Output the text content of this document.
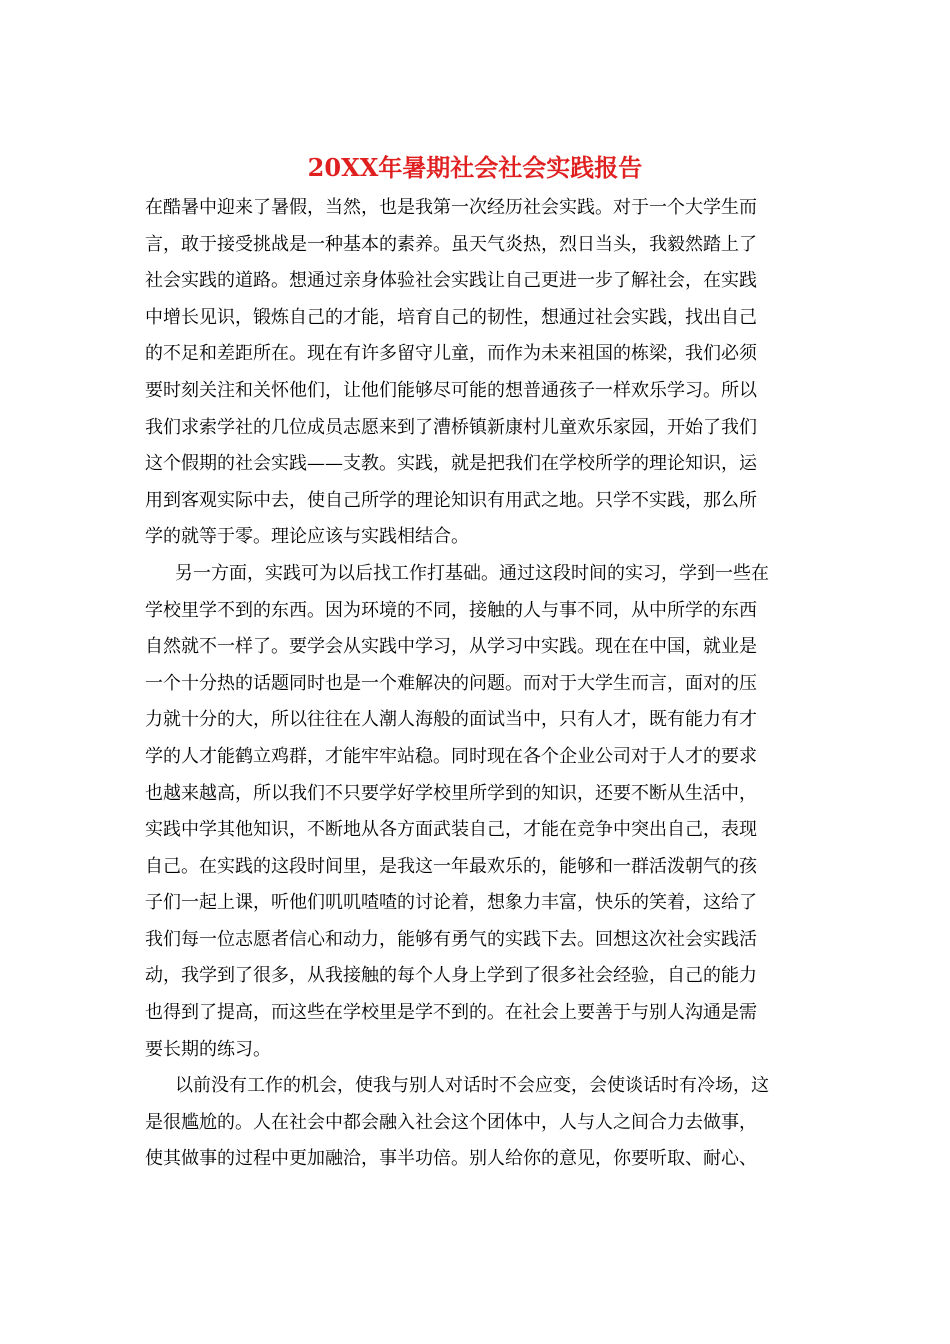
20XX年暑期社会社会实践报告

在酷暑中迎来了暑假，当然，也是我第一次经历社会实践。对于一个大学生而
言，敢于接受挑战是一种基本的素养。虽天气炎热，烈日当头，我毅然踏上了
社会实践的道路。想通过亲身体验社会实践让自己更进一步了解社会，在实践
中增长见识，锻炼自己的才能，培育自己的韧性，想通过社会实践，找出自己
的不足和差距所在。现在有许多留守儿童，而作为未来祖国的栋梁，我们必须
要时刻关注和关怀他们，让他们能够尽可能的想普通孩子一样欢乐学习。所以
我们求索学社的几位成员志愿来到了漕桥镇新康村儿童欢乐家园，开始了我们
这个假期的社会实践——支教。实践，就是把我们在学校所学的理论知识，运
用到客观实际中去，使自己所学的理论知识有用武之地。只学不实践，那么所
学的就等于零。理论应该与实践相结合。

另一方面，实践可为以后找工作打基础。通过这段时间的实习，学到一些在
学校里学不到的东西。因为环境的不同，接触的人与事不同，从中所学的东西
自然就不一样了。要学会从实践中学习，从学习中实践。现在在中国，就业是
一个十分热的话题同时也是一个难解决的问题。而对于大学生而言，面对的压
力就十分的大，所以往往在人潮人海般的面试当中，只有人才，既有能力有才
学的人才能鹤立鸡群，才能牢牢站稳。同时现在各个企业公司对于人才的要求
也越来越高，所以我们不只要学好学校里所学到的知识，还要不断从生活中，
实践中学其他知识，不断地从各方面武装自己，才能在竞争中突出自己，表现
自己。在实践的这段时间里，是我这一年最欢乐的，能够和一群活泼朝气的孩
子们一起上课，听他们叽叽喳喳的讨论着，想象力丰富，快乐的笑着，这给了
我们每一位志愿者信心和动力，能够有勇气的实践下去。回想这次社会实践活
动，我学到了很多，从我接触的每个人身上学到了很多社会经验，自己的能力
也得到了提高，而这些在学校里是学不到的。在社会上要善于与别人沟通是需
要长期的练习。

以前没有工作的机会，使我与别人对话时不会应变，会使谈话时有冷场，这
是很尴尬的。人在社会中都会融入社会这个团体中，人与人之间合力去做事，
使其做事的过程中更加融洽，事半功倍。别人给你的意见，你要听取、耐心、
